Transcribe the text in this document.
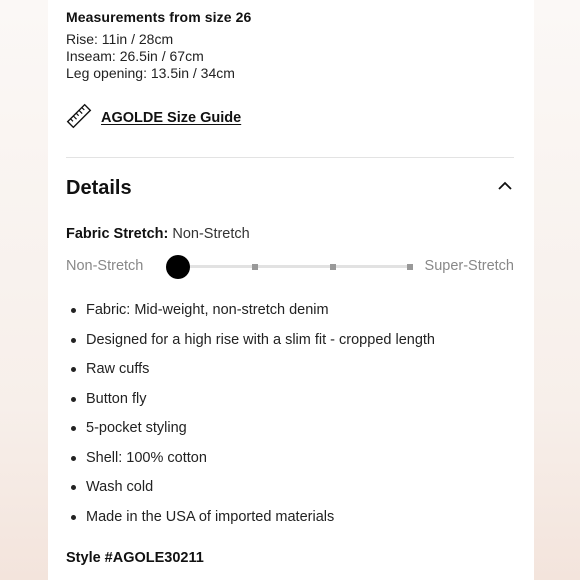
Measurements from size 26
Rise: 11in / 28cm
Inseam: 26.5in / 67cm
Leg opening: 13.5in / 34cm
AGOLDE Size Guide
Details
Fabric Stretch: Non-Stretch
Non-Stretch	Super-Stretch
Fabric: Mid-weight, non-stretch denim
Designed for a high rise with a slim fit - cropped length
Raw cuffs
Button fly
5-pocket styling
Shell: 100% cotton
Wash cold
Made in the USA of imported materials
Style #AGOLE30211
